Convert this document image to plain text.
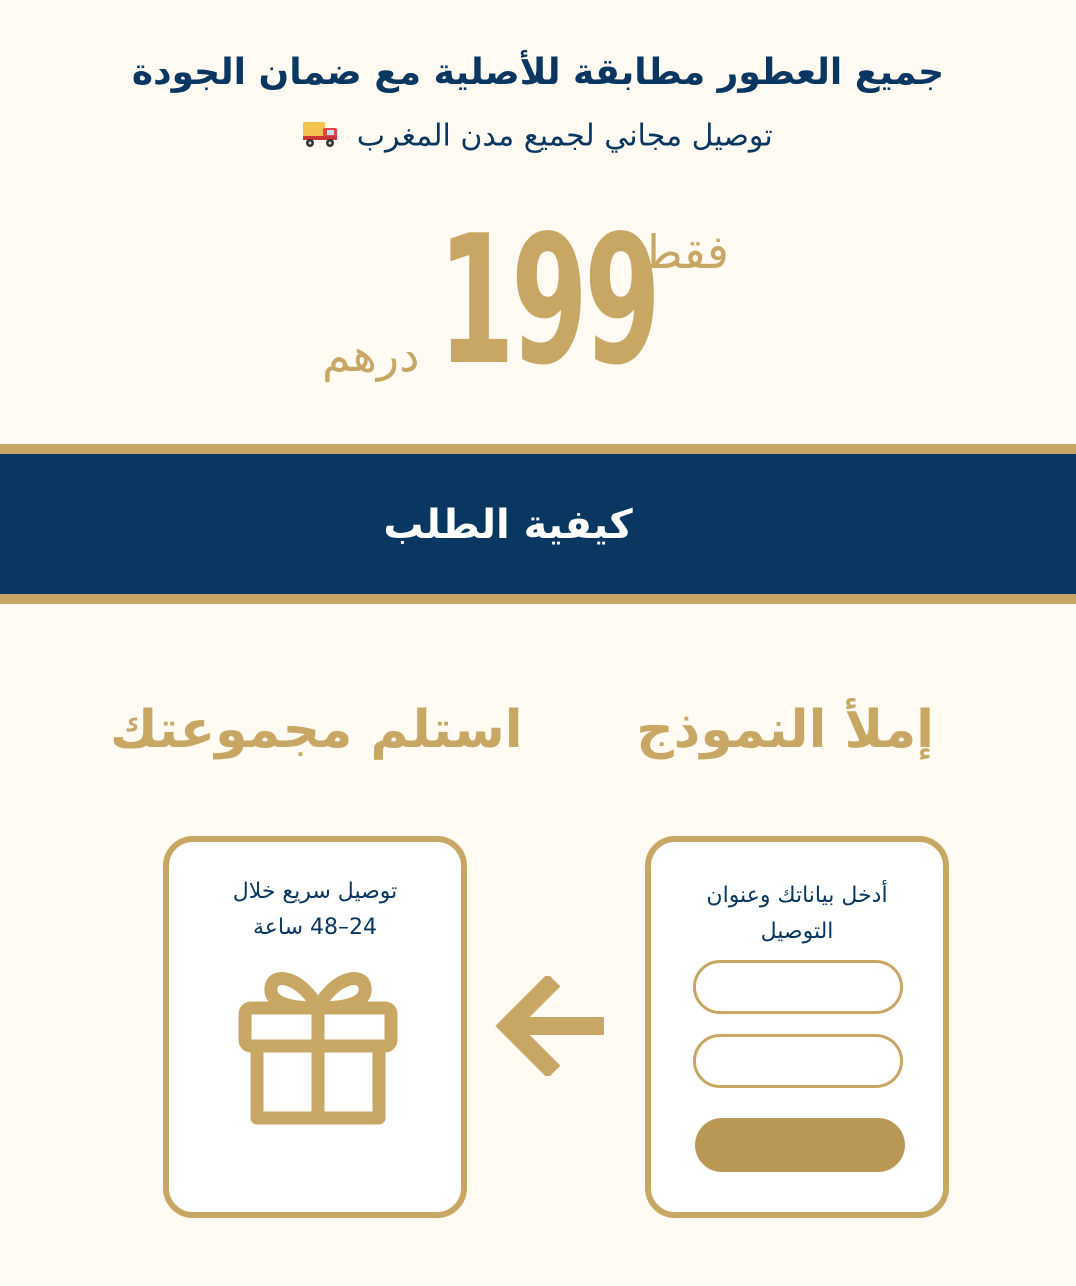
جميع العطور مطابقة للأصلية مع ضمان الجودة
توصيل مجاني لجميع مدن المغرب
درهم 199
فقط
كيفية الطلب
إملأ النموذج
استلم مجموعتك
أدخل بياناتك وعنوان
التوصيل
توصيل سريع خلال
24–48 ساعة
